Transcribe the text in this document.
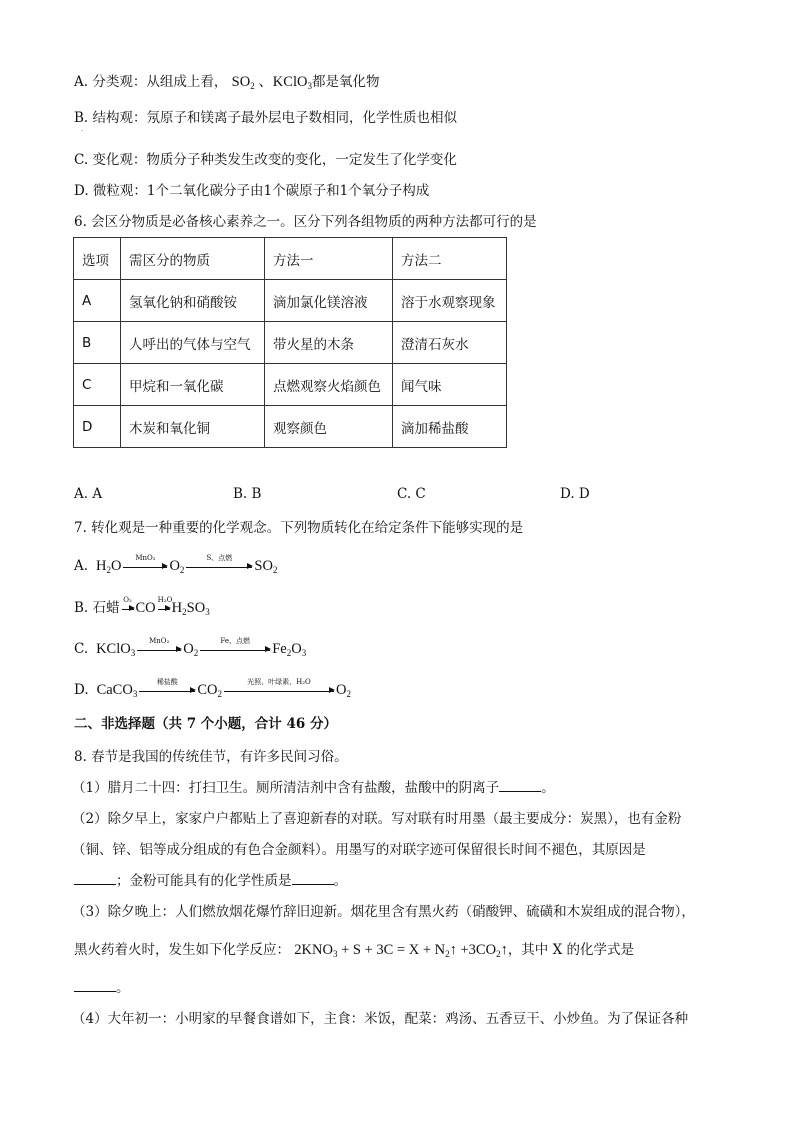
A. 分类观：从组成上看， $SO_2$ 、KClO$_3$都是氧化物
B. 结构观：氖原子和镁离子最外层电子数相同，化学性质也相似
·
C. 变化观：物质分子种类发生改变的变化，一定发生了化学变化
D. 微粒观：1个二氧化碳分子由1个碳原子和1个氧分子构成
6. 会区分物质是必备核心素养之一。区分下列各组物质的两种方法都可行的是
选项	需区分的物质	方法一	方法二
A	氢氧化钠和硝酸铵	滴加氯化镁溶液	溶于水观察现象
B	人呼出的气体与空气	带火星的木条	澄清石灰水
C	甲烷和一氧化碳	点燃观察火焰颜色	闻气味
D	木炭和氧化铜	观察颜色	滴加稀盐酸
A. A	B. B	C. C	D. D
7. 转化观是一种重要的化学观念。下列物质转化在给定条件下能够实现的是
A.  $H_2O$	MnO₂ $O_2$
S、点燃	$SO_2$
B. 石蜡 O₂ CO H₂O $H_2SO_3$
C.  KClO$_3$
MnO₂ $O_2$
Fe、点燃	$Fe_2O_3$
D.  CaCO$_3$
稀盐酸	$CO_2$
光照、叶绿素、H₂O	$O_2$
二、非选择题（共 7 个小题，合计 46 分）
8. 春节是我国的传统佳节，有许多民间习俗。
（1）腊月二十四：打扫卫生。厕所清洁剂中含有盐酸，盐酸中的阴离子	。
（2）除夕早上，家家户户都贴上了喜迎新春的对联。写对联有时用墨（最主要成分：炭黑），也有金粉
（铜、锌、铝等成分组成的有色合金颜料）。用墨写的对联字迹可保留很长时间不褪色，其原因是
；金粉可能具有的化学性质是	。
（3）除夕晚上：人们燃放烟花爆竹辞旧迎新。烟花里含有黑火药（硝酸钾、硫磺和木炭组成的混合物），
黑火药着火时，发生如下化学反应： $2KNO_3 + S + 3C = X$ + $N_2↑$ $+3CO_2↑$，其中 X 的化学式是
。
（4）大年初一：小明家的早餐食谱如下，主食：米饭，配菜：鸡汤、五香豆干、小炒鱼。为了保证各种
